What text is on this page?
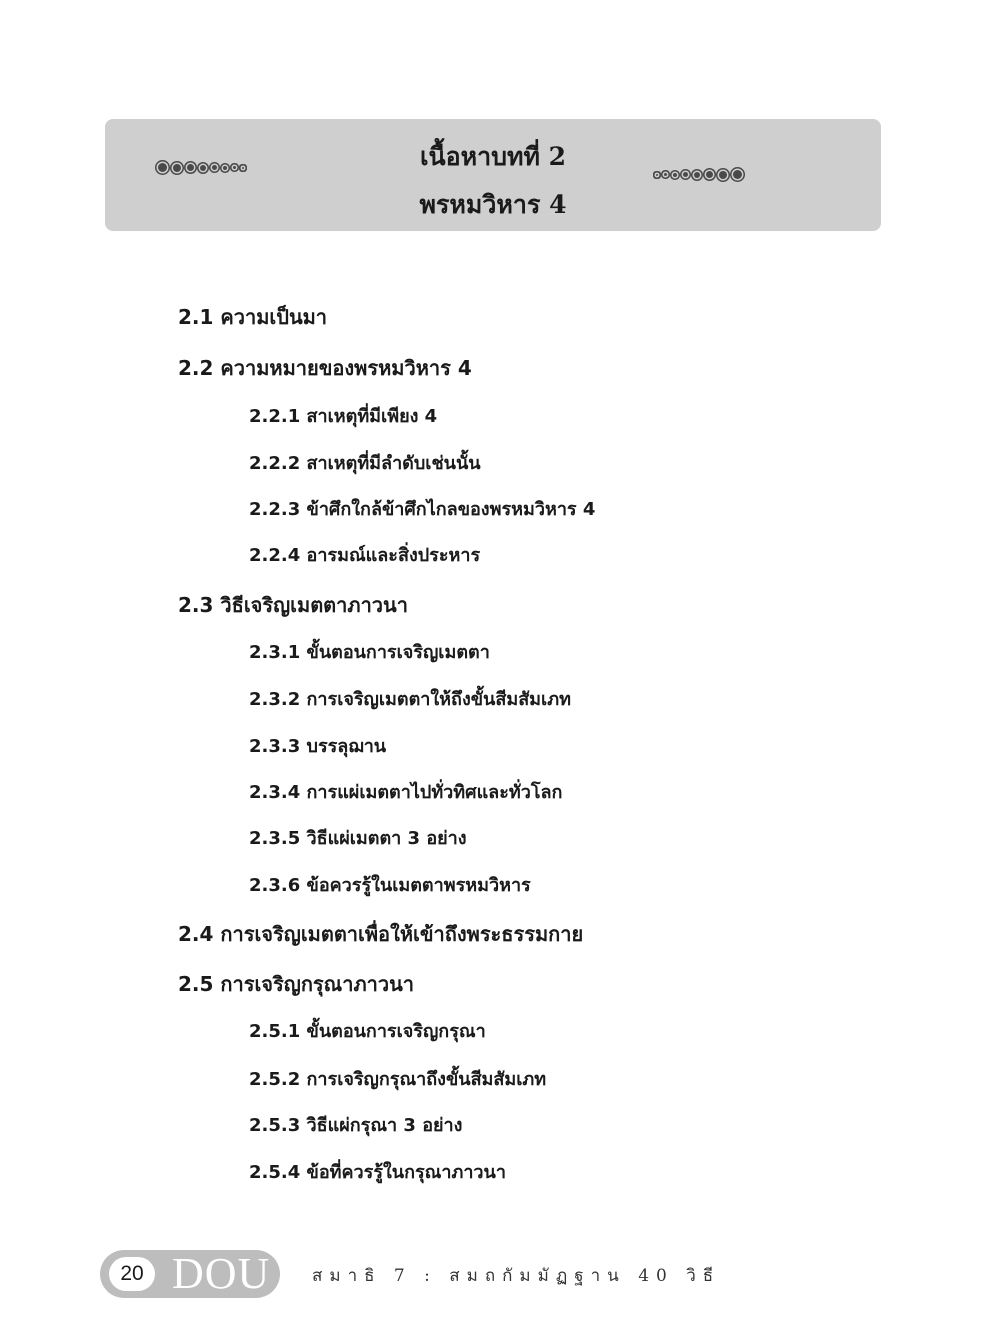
เนื้อหาบทที่ 2
พรหมวิหาร 4
2.1 ความเป็นมา
2.2 ความหมายของพรหมวิหาร 4
2.2.1 สาเหตุที่มีเพียง 4
2.2.2 สาเหตุที่มีลำดับเช่นนั้น
2.2.3 ข้าศึกใกล้ข้าศึกไกลของพรหมวิหาร 4
2.2.4 อารมณ์และสิ่งประหาร
2.3 วิธีเจริญเมตตาภาวนา
2.3.1 ขั้นตอนการเจริญเมตตา
2.3.2 การเจริญเมตตาให้ถึงขั้นสีมสัมเภท
2.3.3 บรรลุฌาน
2.3.4 การแผ่เมตตาไปทั่วทิศและทั่วโลก
2.3.5 วิธีแผ่เมตตา 3 อย่าง
2.3.6 ข้อควรรู้ในเมตตาพรหมวิหาร
2.4 การเจริญเมตตาเพื่อให้เข้าถึงพระธรรมกาย
2.5 การเจริญกรุณาภาวนา
2.5.1 ขั้นตอนการเจริญกรุณา
2.5.2 การเจริญกรุณาถึงขั้นสีมสัมเภท
2.5.3 วิธีแผ่กรุณา 3 อย่าง
2.5.4 ข้อที่ควรรู้ในกรุณาภาวนา
20 DOU สมาธิ 7 : สมถกัมมัฏฐาน 40 วิธี
